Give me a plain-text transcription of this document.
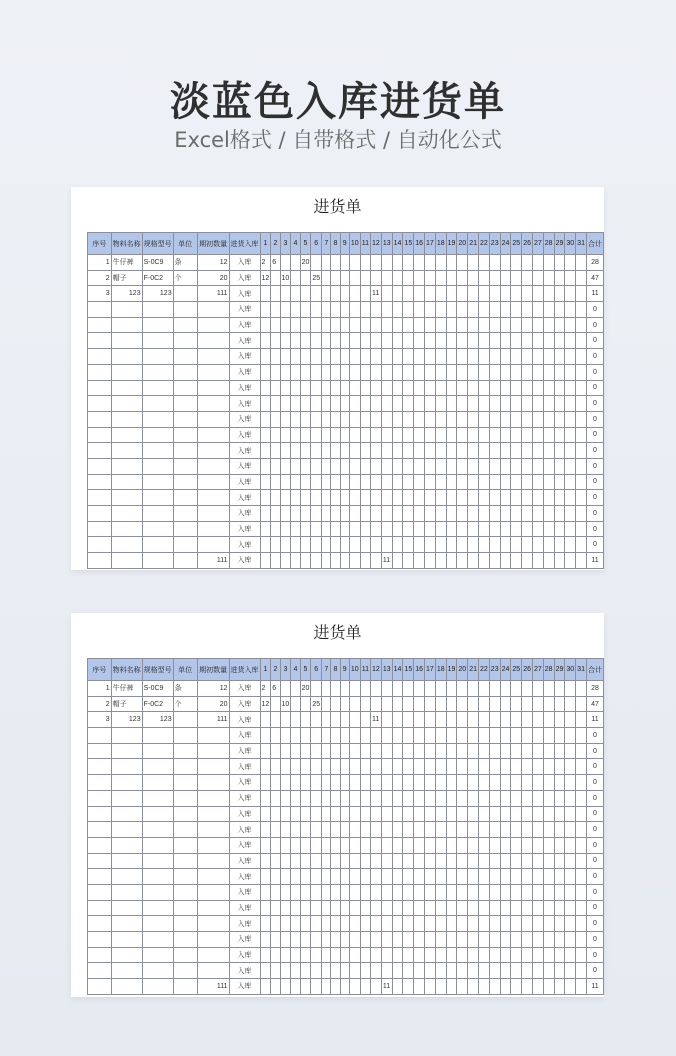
淡蓝色入库进货单
Excel格式 / 自带格式 / 自动化公式
进货单
序号	物料名称	规格型号	单位	期初数量	进货入库	1	2	3	4	5	6	7	8	9	10	11	12	13	14	15	16	17	18	19	20	21	22	23	24	25	26	27	28	29	30	31	合计
1	牛仔裤	S-0C9	条	12	入库	2	6			20																											28
2	帽子	F-0C2	个	20	入库	12		10			25																										47
3	123	123		111	入库												11																				11
					入库																																0
					入库																																0
					入库																																0
					入库																																0
					入库																																0
					入库																																0
					入库																																0
					入库																																0
					入库																																0
					入库																																0
					入库																																0
					入库																																0
					入库																																0
					入库																																0
					入库																																0
					入库																																0
				111	入库													11																			11
进货单
序号	物料名称	规格型号	单位	期初数量	进货入库	1	2	3	4	5	6	7	8	9	10	11	12	13	14	15	16	17	18	19	20	21	22	23	24	25	26	27	28	29	30	31	合计
1	牛仔裤	S-0C9	条	12	入库	2	6			20																											28
2	帽子	F-0C2	个	20	入库	12		10			25																										47
3	123	123		111	入库												11																				11
					入库																																0
					入库																																0
					入库																																0
					入库																																0
					入库																																0
					入库																																0
					入库																																0
					入库																																0
					入库																																0
					入库																																0
					入库																																0
					入库																																0
					入库																																0
					入库																																0
					入库																																0
					入库																																0
				111	入库													11																			11
